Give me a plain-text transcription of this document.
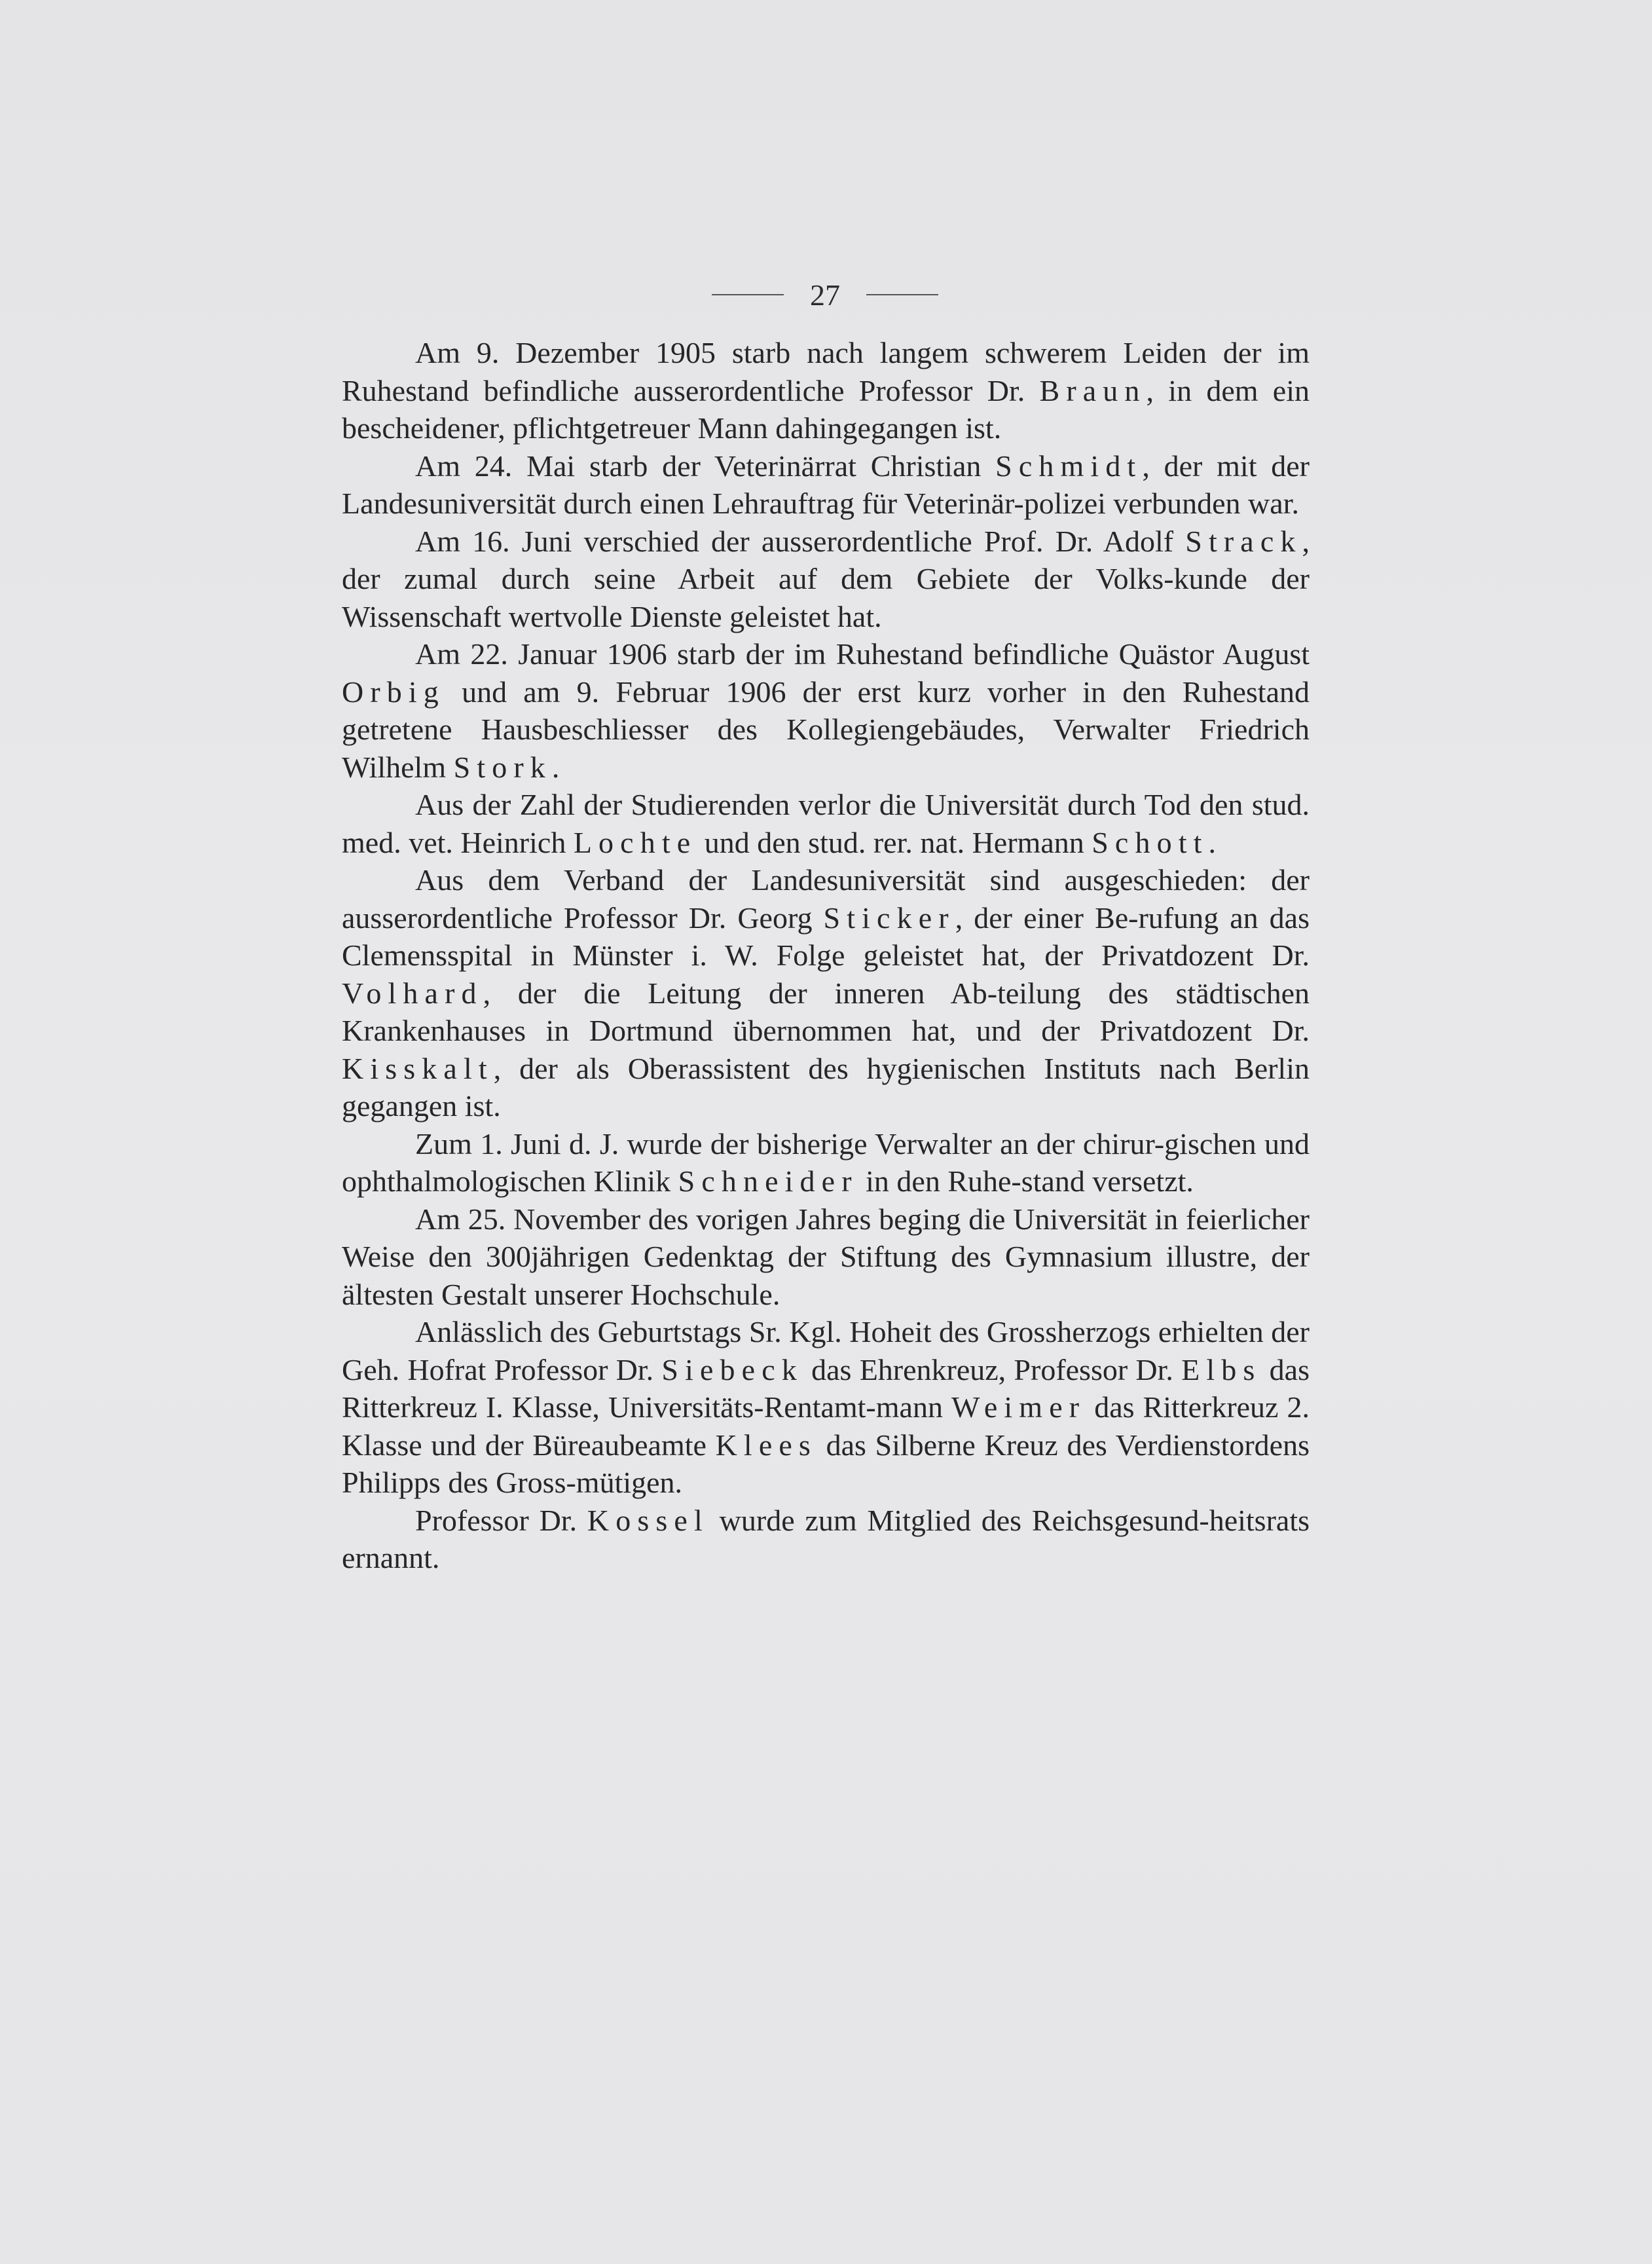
27

Am 9. Dezember 1905 starb nach langem schwerem Leiden der im Ruhestand befindliche ausserordentliche Professor Dr. Braun, in dem ein bescheidener, pflichtgetreuer Mann dahingegangen ist.

Am 24. Mai starb der Veterinärrat Christian Schmidt, der mit der Landesuniversität durch einen Lehrauftrag für Veterinär-polizei verbunden war.

Am 16. Juni verschied der ausserordentliche Prof. Dr. Adolf Strack, der zumal durch seine Arbeit auf dem Gebiete der Volks-kunde der Wissenschaft wertvolle Dienste geleistet hat.

Am 22. Januar 1906 starb der im Ruhestand befindliche Quästor August Orbig und am 9. Februar 1906 der erst kurz vorher in den Ruhestand getretene Hausbeschliesser des Kollegiengebäudes, Verwalter Friedrich Wilhelm Stork.

Aus der Zahl der Studierenden verlor die Universität durch Tod den stud. med. vet. Heinrich Lochte und den stud. rer. nat. Hermann Schott.

Aus dem Verband der Landesuniversität sind ausgeschieden: der ausserordentliche Professor Dr. Georg Sticker, der einer Be-rufung an das Clemensspital in Münster i. W. Folge geleistet hat, der Privatdozent Dr. Volhard, der die Leitung der inneren Ab-teilung des städtischen Krankenhauses in Dortmund übernommen hat, und der Privatdozent Dr. Kisskalt, der als Oberassistent des hygienischen Instituts nach Berlin gegangen ist.

Zum 1. Juni d. J. wurde der bisherige Verwalter an der chirur-gischen und ophthalmologischen Klinik Schneider in den Ruhe-stand versetzt.

Am 25. November des vorigen Jahres beging die Universität in feierlicher Weise den 300jährigen Gedenktag der Stiftung des Gymnasium illustre, der ältesten Gestalt unserer Hochschule.

Anlässlich des Geburtstags Sr. Kgl. Hoheit des Grossherzogs erhielten der Geh. Hofrat Professor Dr. Siebeck das Ehrenkreuz, Professor Dr. Elbs das Ritterkreuz I. Klasse, Universitäts-Rentamt-mann Weimer das Ritterkreuz 2. Klasse und der Büreaubeamte Klees das Silberne Kreuz des Verdienstordens Philipps des Gross-mütigen.

Professor Dr. Kossel wurde zum Mitglied des Reichsgesund-heitsrats ernannt.
